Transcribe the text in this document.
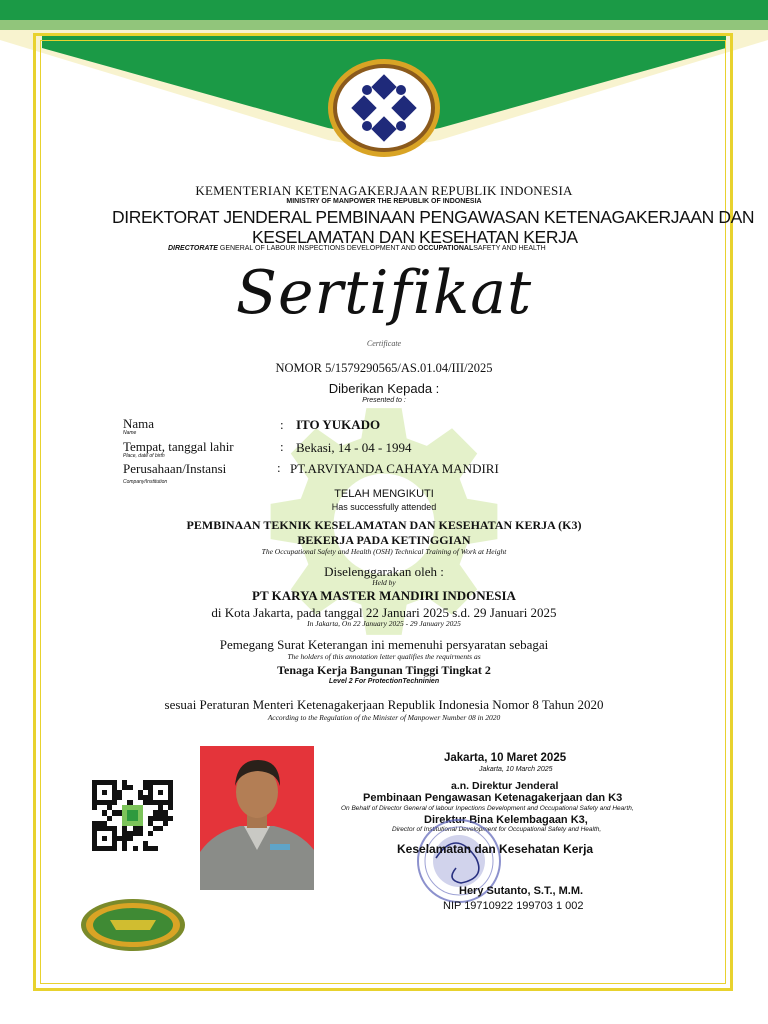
KEMENTERIAN KETENAGAKERJAAN REPUBLIK INDONESIA
MINISTRY OF MANPOWER THE REPUBLIK OF INDONESIA
DIREKTORAT JENDERAL PEMBINAAN PENGAWASAN KETENAGAKERJAAN DAN
KESELAMATAN DAN KESEHATAN KERJA
DIRECTORATE GENERAL OF LABOUR INSPECTIONS DEVELOPMENT AND OCCUPATIONALSAFETY AND HEALTH
Sertifikat
Certificate
NOMOR 5/1579290565/AS.01.04/III/2025
Diberikan Kepada :
Presented to :
Nama
Name
: ITO YUKADO
Tempat, tanggal lahir
Place, date of birth
: Bekasi, 14 - 04 - 1994
Perusahaan/Instansi
Company/Institution
: PT.ARVIYANDA CAHAYA MANDIRI
TELAH MENGIKUTI
Has successfully attended
PEMBINAAN TEKNIK KESELAMATAN DAN KESEHATAN KERJA (K3)
BEKERJA PADA KETINGGIAN
The Occupational Safety and Health (OSH) Technical Training of Work at Height
Diselenggarakan oleh :
Held by
PT KARYA MASTER MANDIRI INDONESIA
di Kota Jakarta, pada tanggal 22 Januari 2025 s.d. 29 Januari 2025
In Jakarta, On 22 January 2025 - 29 January 2025
Pemegang Surat Keterangan ini memenuhi persyaratan sebagai
The holders of this annotation letter qualifies the requirments as
Tenaga Kerja Bangunan Tinggi Tingkat 2
Level 2 For ProtectionTechninien
sesuai Peraturan Menteri Ketenagakerjaan Republik Indonesia Nomor 8 Tahun 2020
According to the Regulation of the Minister of Manpower Number 08 in 2020
Jakarta, 10 Maret 2025
Jakarta, 10 March 2025
a.n. Direktur Jenderal
Pembinaan Pengawasan Ketenagakerjaan dan K3
On Behalf of Director General of labour Inpections Development and Occupational Safety and Hearth,
Direktur Bina Kelembagaan K3,
Director of Institutional Development for Occupational Safety and Health,
Keselamatan dan Kesehatan Kerja
Hery Sutanto, S.T., M.M.
NIP 19710922 199703 1 002
